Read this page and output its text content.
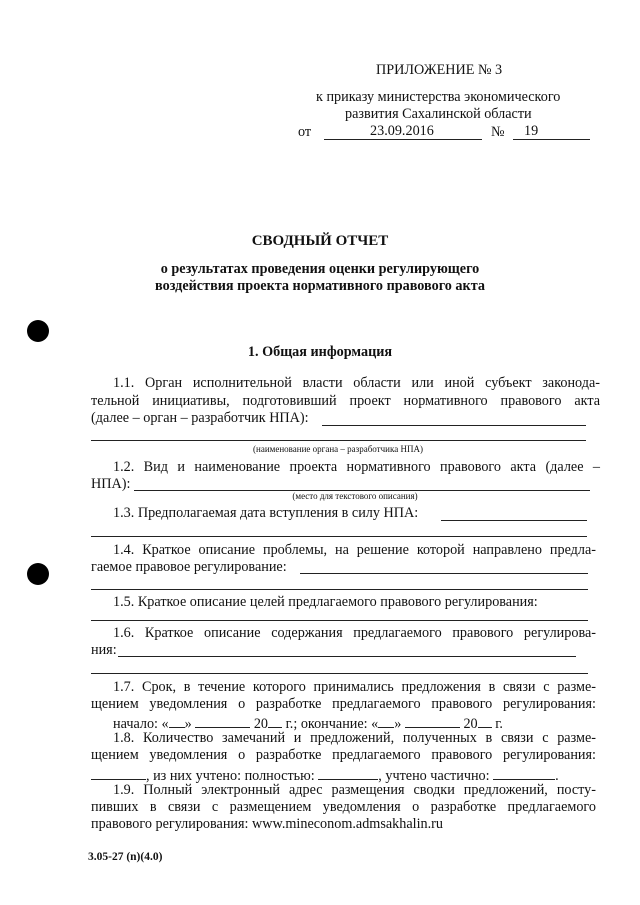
ПРИЛОЖЕНИЕ № 3
к приказу министерства экономического
развития Сахалинской области
от	23.09.2016	№ 19
СВОДНЫЙ ОТЧЕТ
о результатах проведения оценки регулирующего
воздействия проекта нормативного правового акта
1. Общая информация
1.1. Орган исполнительной власти области или иной субъект законода-
тельной инициативы, подготовивший проект нормативного правового акта
(далее – орган – разработчик НПА):
(наименование органа – разработчика НПА)
1.2. Вид и наименование проекта нормативного правового акта (далее –
НПА):
(место для текстового описания)
1.3. Предполагаемая дата вступления в силу НПА:
1.4. Краткое описание проблемы, на решение которой направлено предла-
гаемое правовое регулирование:
1.5. Краткое описание целей предлагаемого правового регулирования:
1.6. Краткое описание содержания предлагаемого правового регулирова-
ния:
1.7. Срок, в течение которого принимались предложения в связи с разме-
щением уведомления о разработке предлагаемого правового регулирования:
начало: « »	20 г.; окончание: « »	20 г.
1.8. Количество замечаний и предложений, полученных в связи с разме-
щением уведомления о разработке предлагаемого правового регулирования:
, из них учтено: полностью:	, учтено частично:	.
1.9. Полный электронный адрес размещения сводки предложений, посту-
пивших в связи с размещением уведомления о разработке предлагаемого
правового регулирования: www.mineconom.admsakhalin.ru
3.05-27 (n)(4.0)
